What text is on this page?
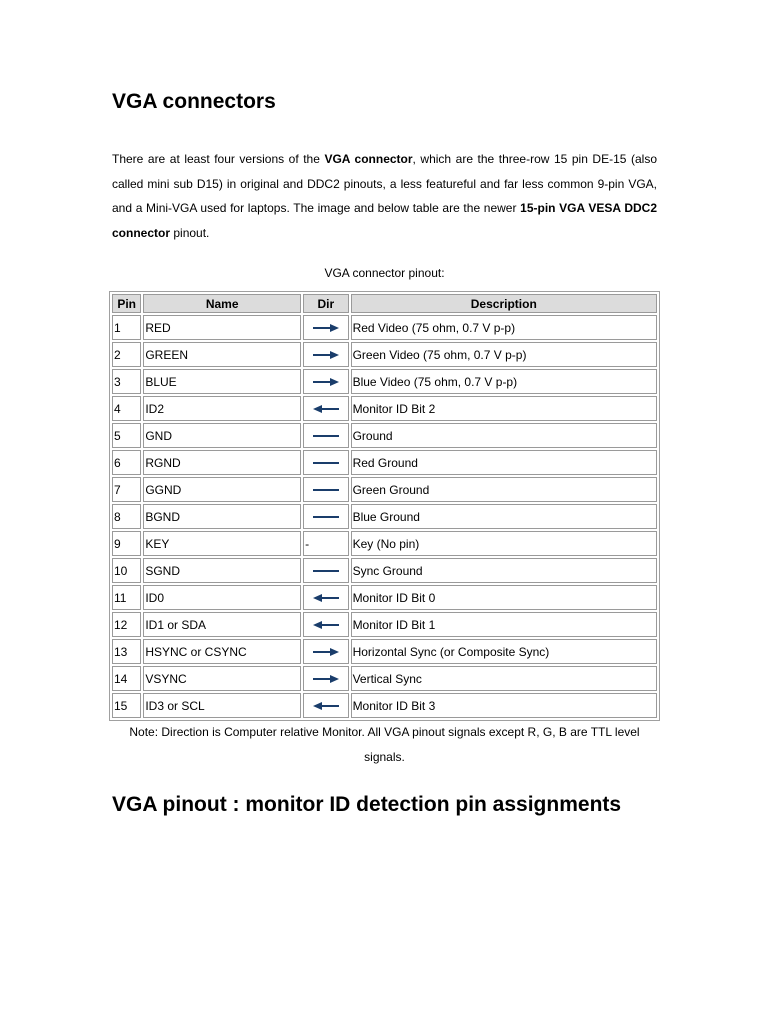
VGA connectors

There are at least four versions of the VGA connector, which are the three-row 15 pin DE-15 (also called mini sub D15) in original and DDC2 pinouts, a less featureful and far less common 9-pin VGA, and a Mini-VGA used for laptops. The image and below table are the newer 15-pin VGA VESA DDC2 connector pinout.

VGA connector pinout:
Pin	Name	Dir	Description
1	RED		Red Video (75 ohm, 0.7 V p-p)
2	GREEN		Green Video (75 ohm, 0.7 V p-p)
3	BLUE		Blue Video (75 ohm, 0.7 V p-p)
4	ID2		Monitor ID Bit 2
5	GND		Ground
6	RGND		Red Ground
7	GGND		Green Ground
8	BGND		Blue Ground
9	KEY	-	Key (No pin)
10	SGND		Sync Ground
11	ID0		Monitor ID Bit 0
12	ID1 or SDA		Monitor ID Bit 1
13	HSYNC or CSYNC		Horizontal Sync (or Composite Sync)
14	VSYNC		Vertical Sync
15	ID3 or SCL		Monitor ID Bit 3
Note: Direction is Computer relative Monitor. All VGA pinout signals except R, G, B are TTL level signals.
VGA pinout : monitor ID detection pin assignments
